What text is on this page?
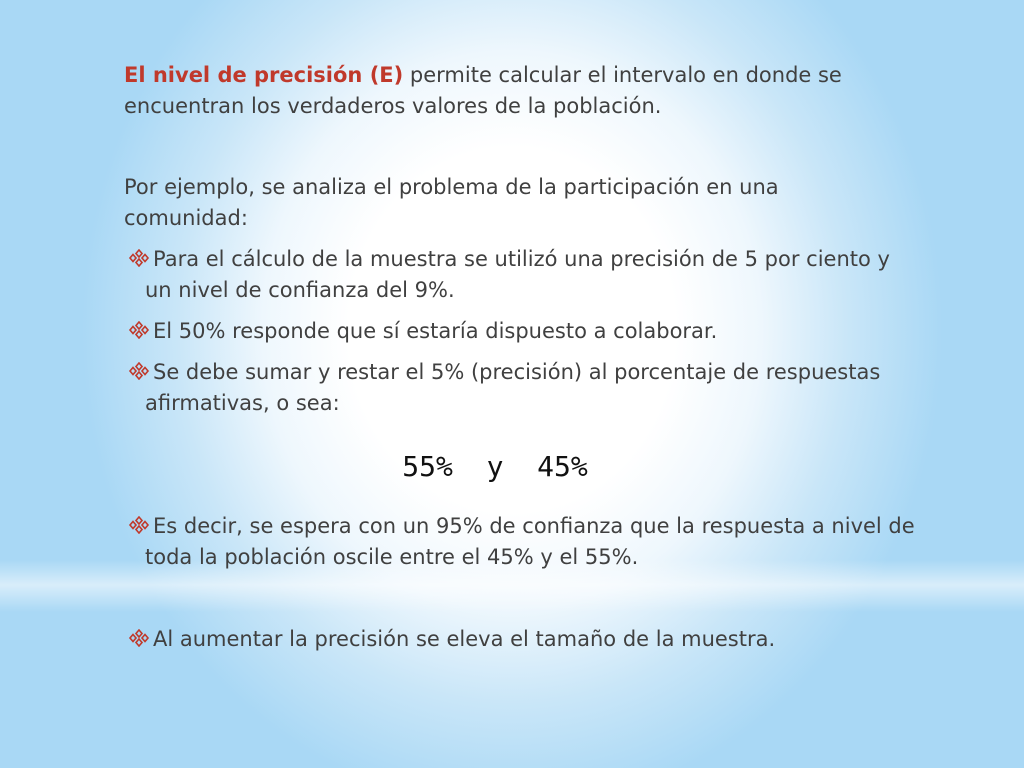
El nivel de precisión (E) permite calcular el intervalo en donde se encuentran los verdaderos valores de la población.

Por ejemplo, se analiza el problema de la participación en una comunidad:

Para el cálculo de la muestra se utilizó una precisión de 5 por ciento y un nivel de confianza del 9%.

El 50% responde que sí estaría dispuesto a colaborar.

Se debe sumar y restar el 5% (precisión) al porcentaje de respuestas afirmativas, o sea:

55%  y  45%

Es decir, se espera con un 95% de confianza que la respuesta a nivel de toda la población oscile entre el 45% y el 55%.

Al aumentar la precisión se eleva el tamaño de la muestra.
